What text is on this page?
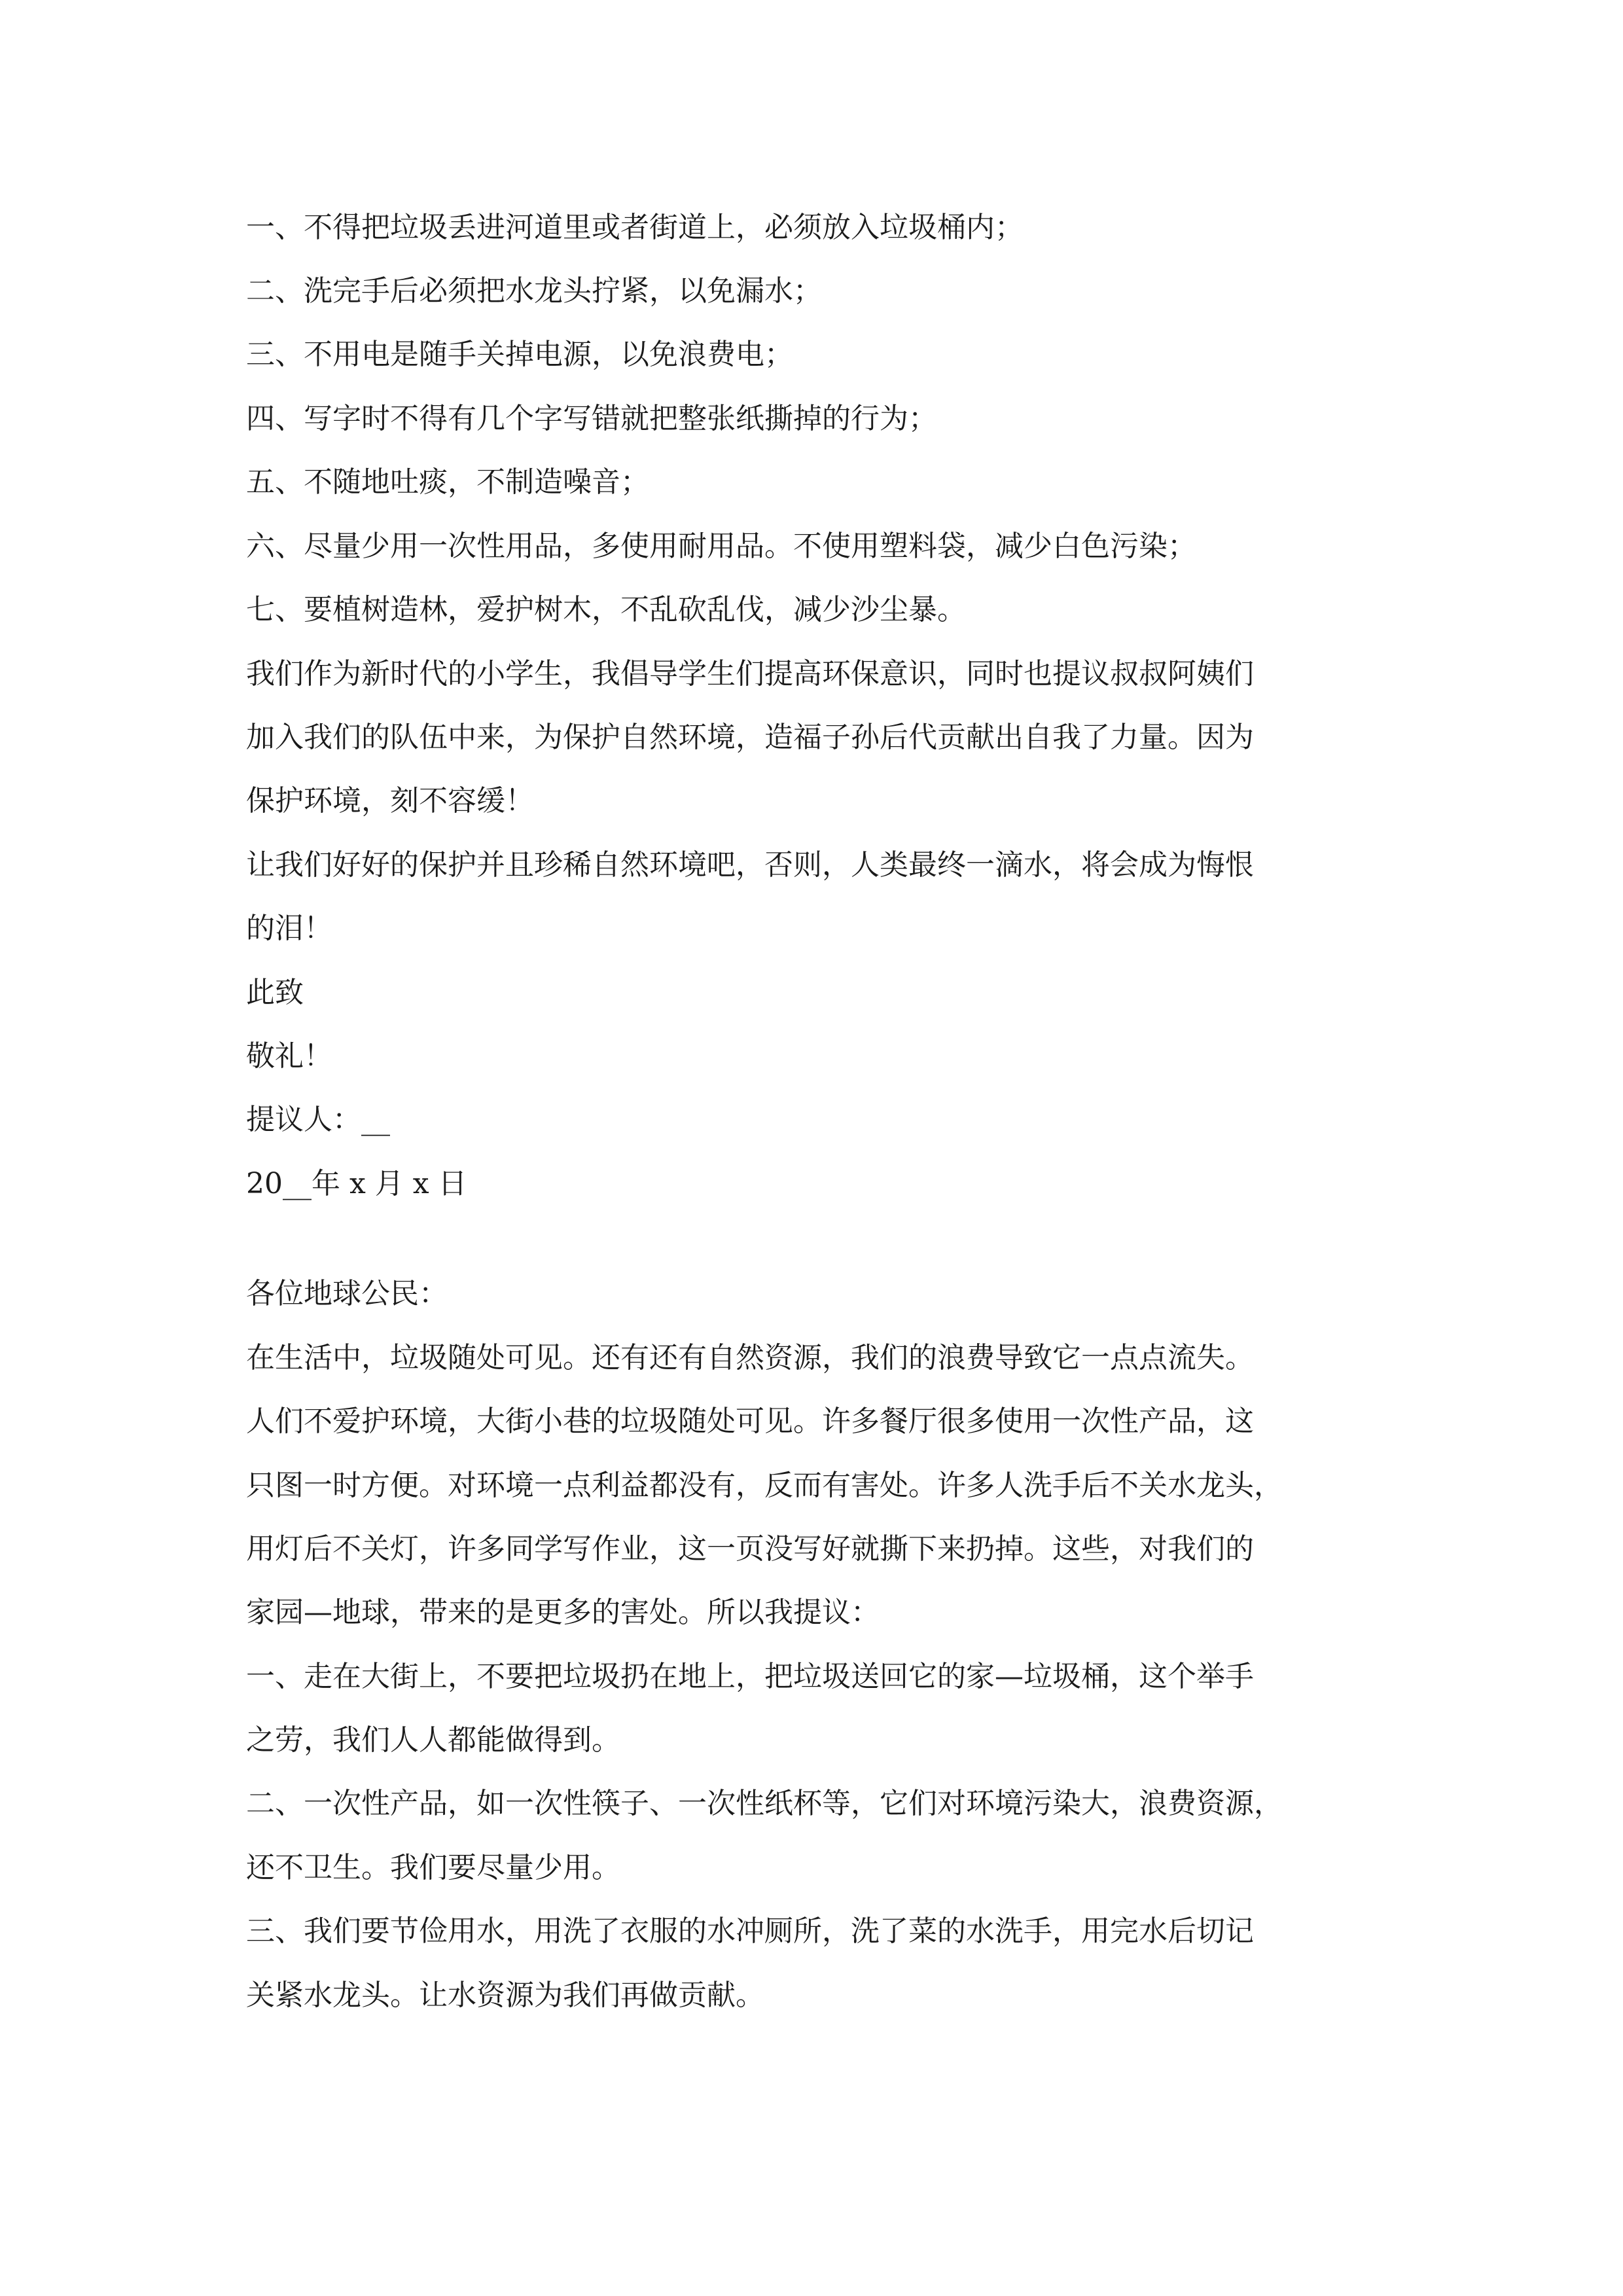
一、不得把垃圾丢进河道里或者街道上，必须放入垃圾桶内；
二、洗完手后必须把水龙头拧紧，以免漏水；
三、不用电是随手关掉电源，以免浪费电；
四、写字时不得有几个字写错就把整张纸撕掉的行为；
五、不随地吐痰，不制造噪音；
六、尽量少用一次性用品，多使用耐用品。不使用塑料袋，减少白色污染；
七、要植树造林，爱护树木，不乱砍乱伐，减少沙尘暴。
我们作为新时代的小学生，我倡导学生们提高环保意识，同时也提议叔叔阿姨们
加入我们的队伍中来，为保护自然环境，造福子孙后代贡献出自我了力量。因为
保护环境，刻不容缓！
让我们好好的保护并且珍稀自然环境吧，否则，人类最终一滴水，将会成为悔恨
的泪！
此致
敬礼！
提议人：__
20__年 x 月 x 日
各位地球公民：
在生活中，垃圾随处可见。还有还有自然资源，我们的浪费导致它一点点流失。
人们不爱护环境，大街小巷的垃圾随处可见。许多餐厅很多使用一次性产品，这
只图一时方便。对环境一点利益都没有，反而有害处。许多人洗手后不关水龙头，
用灯后不关灯，许多同学写作业，这一页没写好就撕下来扔掉。这些，对我们的
家园—地球，带来的是更多的害处。所以我提议：
一、走在大街上，不要把垃圾扔在地上，把垃圾送回它的家—垃圾桶，这个举手
之劳，我们人人都能做得到。
二、一次性产品，如一次性筷子、一次性纸杯等，它们对环境污染大，浪费资源，
还不卫生。我们要尽量少用。
三、我们要节俭用水，用洗了衣服的水冲厕所，洗了菜的水洗手，用完水后切记
关紧水龙头。让水资源为我们再做贡献。
